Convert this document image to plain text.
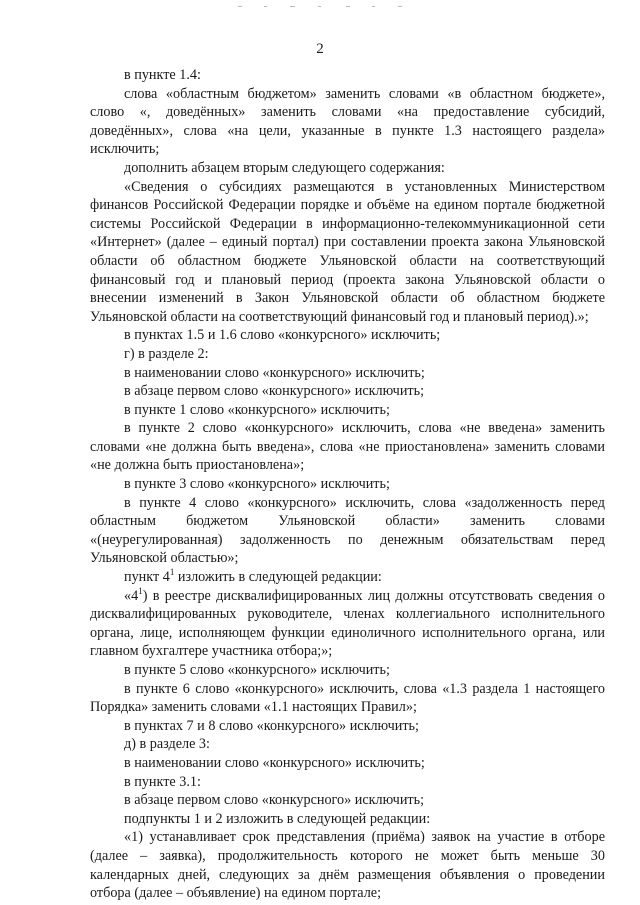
2

в пункте 1.4:

слова «областным бюджетом» заменить словами «в областном бюджете», слово «, доведённых» заменить словами «на предоставление субсидий, доведённых», слова «на цели, указанные в пункте 1.3 настоящего раздела» исключить;

дополнить абзацем вторым следующего содержания:

«Сведения о субсидиях размещаются в установленных Министерством финансов Российской Федерации порядке и объёме на едином портале бюджетной системы Российской Федерации в информационно-телекоммуникационной сети «Интернет» (далее – единый портал) при составлении проекта закона Ульяновской области об областном бюджете Ульяновской области на соответствующий финансовый год и плановый период (проекта закона Ульяновской области о внесении изменений в Закон Ульяновской области об областном бюджете Ульяновской области на соответствующий финансовый год и плановый период).»;

в пунктах 1.5 и 1.6 слово «конкурсного» исключить;

г) в разделе 2:

в наименовании слово «конкурсного» исключить;

в абзаце первом слово «конкурсного» исключить;

в пункте 1 слово «конкурсного» исключить;

в пункте 2 слово «конкурсного» исключить, слова «не введена» заменить словами «не должна быть введена», слова «не приостановлена» заменить словами «не должна быть приостановлена»;

в пункте 3 слово «конкурсного» исключить;

в пункте 4 слово «конкурсного» исключить, слова «задолженность перед областным бюджетом Ульяновской области» заменить словами «(неурегулированная) задолженность по денежным обязательствам перед Ульяновской областью»;

пункт $4^1$ изложить в следующей редакции:

«$4^1$) в реестре дисквалифицированных лиц должны отсутствовать сведения о дисквалифицированных руководителе, членах коллегиального исполнительного органа, лице, исполняющем функции единоличного исполнительного органа, или главном бухгалтере участника отбора;»;

в пункте 5 слово «конкурсного» исключить;

в пункте 6 слово «конкурсного» исключить, слова «1.3 раздела 1 настоящего Порядка» заменить словами «1.1 настоящих Правил»;

в пунктах 7 и 8 слово «конкурсного» исключить;

д) в разделе 3:

в наименовании слово «конкурсного» исключить;

в пункте 3.1:

в абзаце первом слово «конкурсного» исключить;

подпункты 1 и 2 изложить в следующей редакции:

«1) устанавливает срок представления (приёма) заявок на участие в отборе (далее – заявка), продолжительность которого не может быть меньше 30 календарных дней, следующих за днём размещения объявления о проведении отбора (далее – объявление) на едином портале;
